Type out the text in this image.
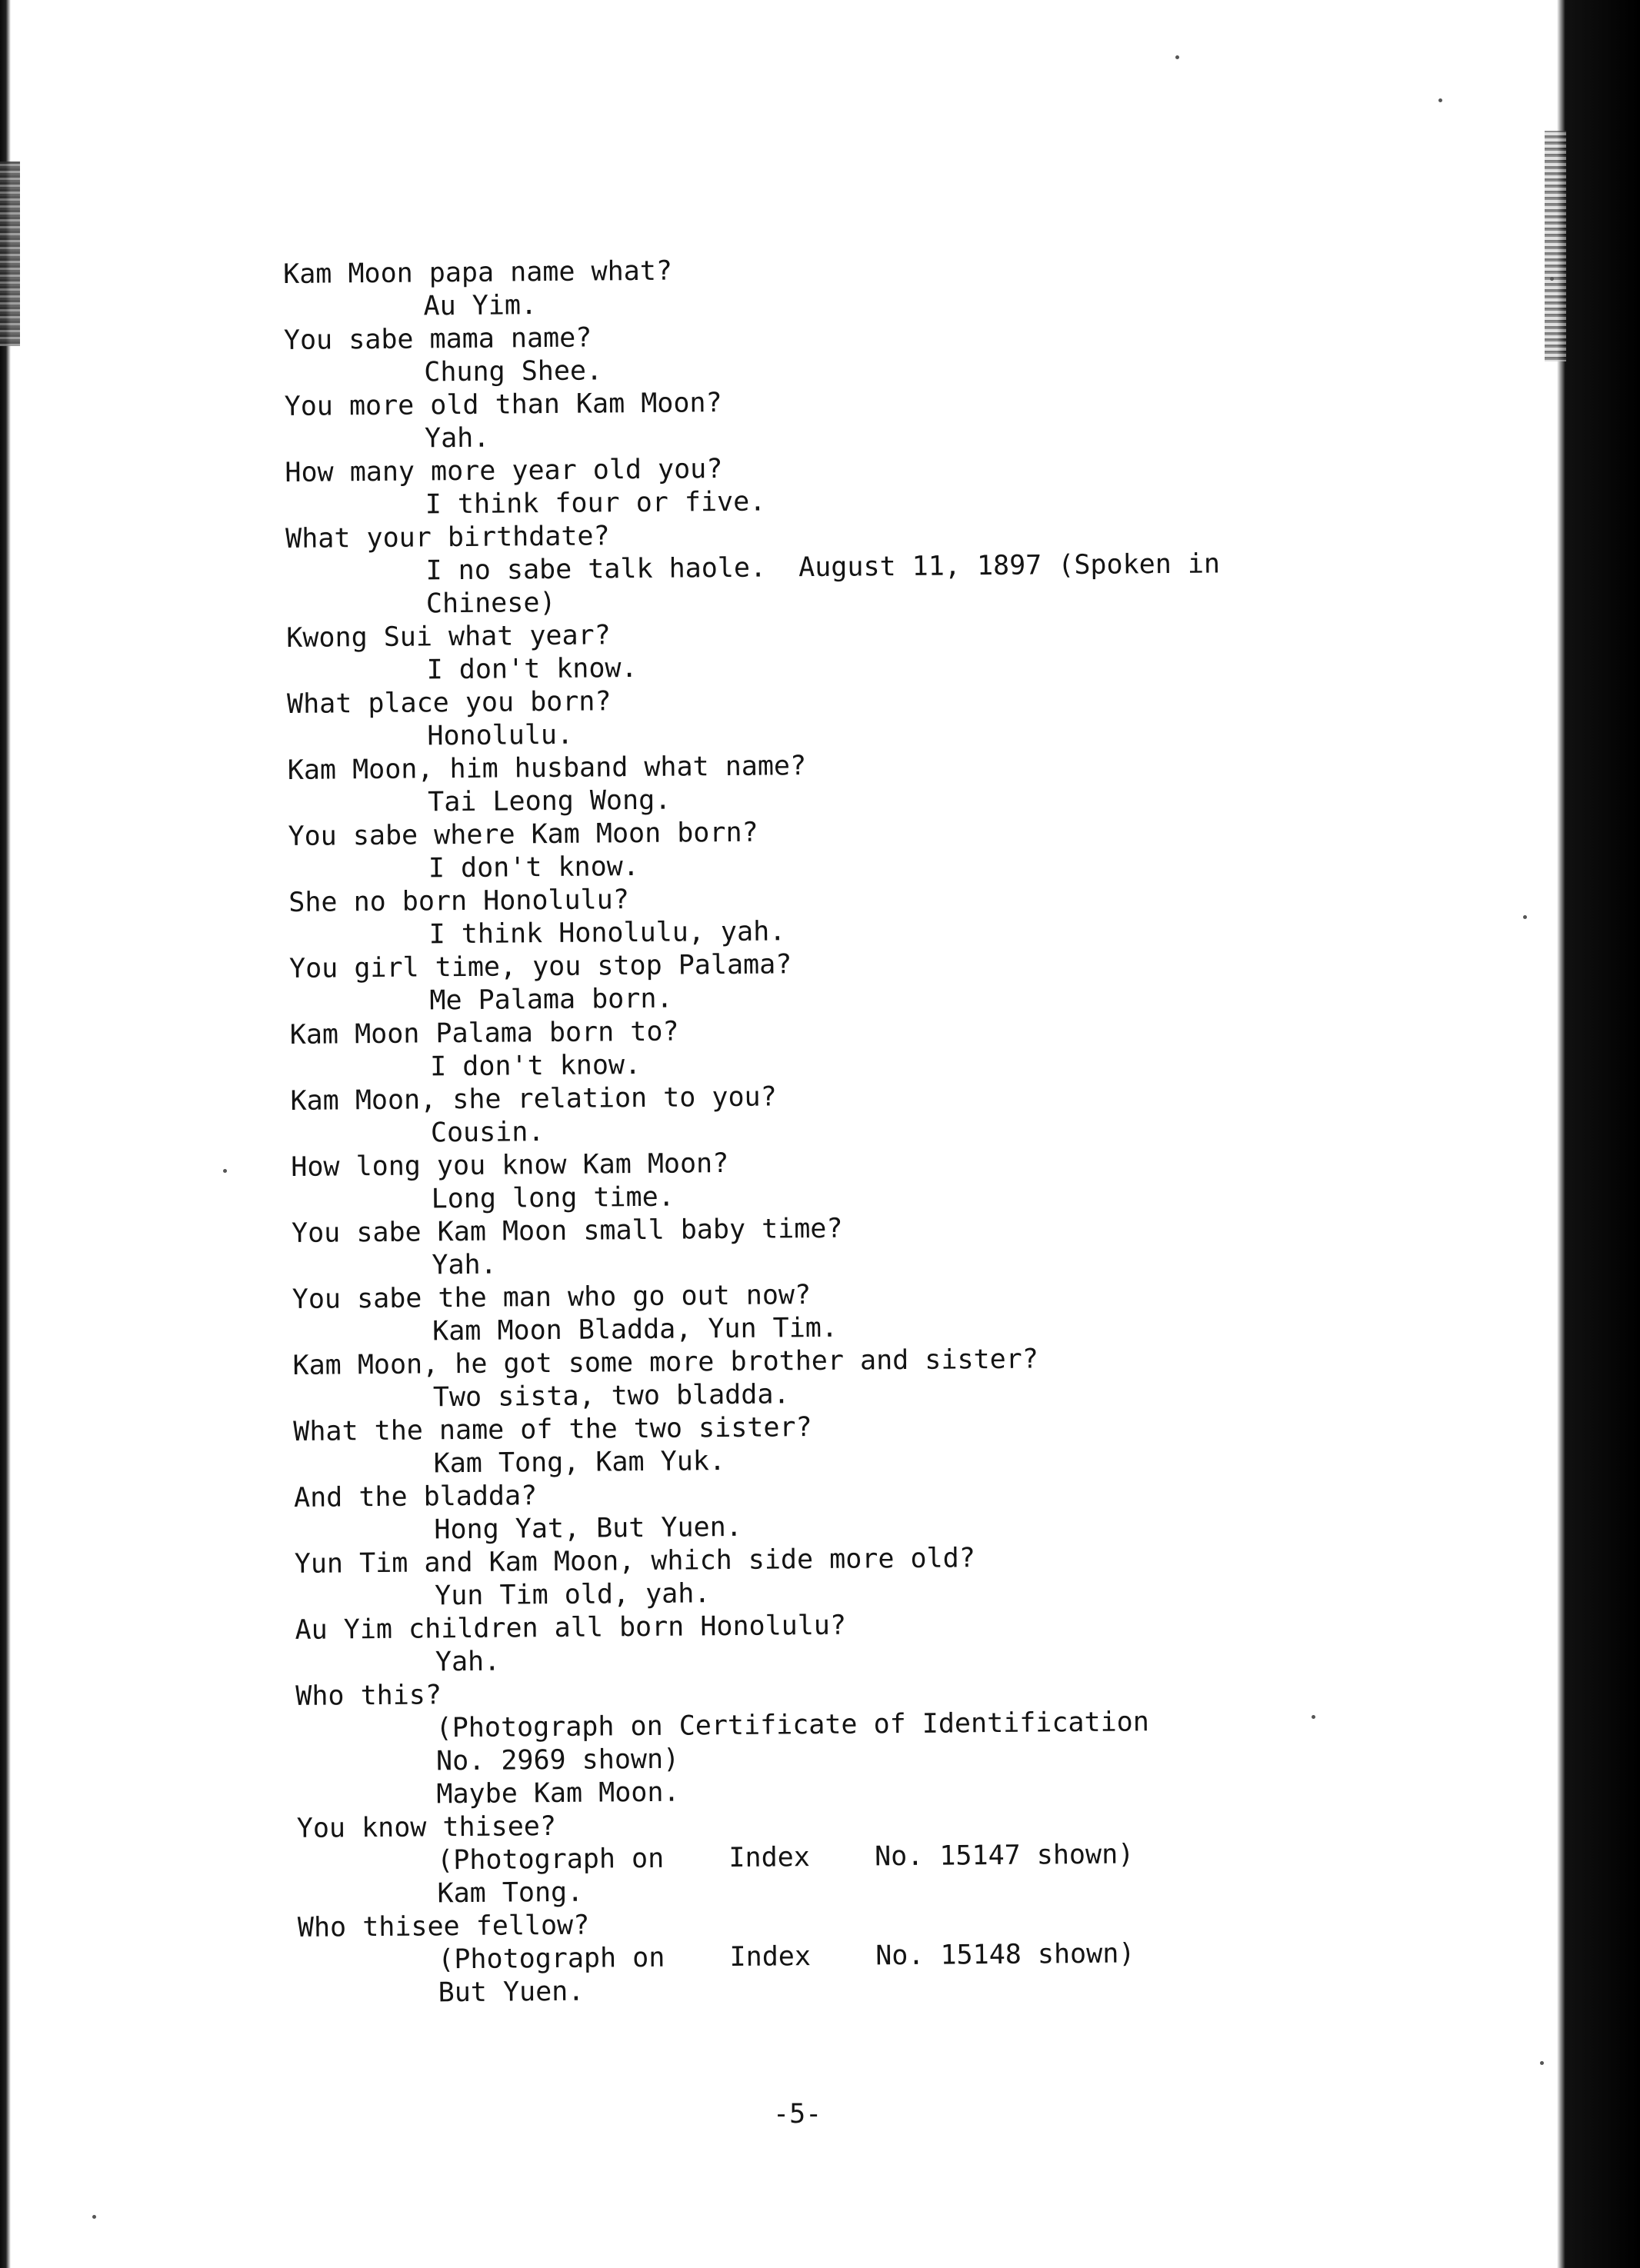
Kam Moon papa name what?
Au Yim.
You sabe mama name?
Chung Shee.
You more old than Kam Moon?
Yah.
How many more year old you?
I think four or five.
What your birthdate?
I no sabe talk haole.  August 11, 1897 (Spoken in
Chinese)
Kwong Sui what year?
I don't know.
What place you born?
Honolulu.
Kam Moon, him husband what name?
Tai Leong Wong.
You sabe where Kam Moon born?
I don't know.
She no born Honolulu?
I think Honolulu, yah.
You girl time, you stop Palama?
Me Palama born.
Kam Moon Palama born to?
I don't know.
Kam Moon, she relation to you?
Cousin.
How long you know Kam Moon?
Long long time.
You sabe Kam Moon small baby time?
Yah.
You sabe the man who go out now?
Kam Moon Bladda, Yun Tim.
Kam Moon, he got some more brother and sister?
Two sista, two bladda.
What the name of the two sister?
Kam Tong, Kam Yuk.
And the bladda?
Hong Yat, But Yuen.
Yun Tim and Kam Moon, which side more old?
Yun Tim old, yah.
Au Yim children all born Honolulu?
Yah.
Who this?
(Photograph on Certificate of Identification
No. 2969 shown)
Maybe Kam Moon.
You know thisee?
(Photograph on    Index    No. 15147 shown)
Kam Tong.
Who thisee fellow?
(Photograph on    Index    No. 15148 shown)
But Yuen.
-5-
